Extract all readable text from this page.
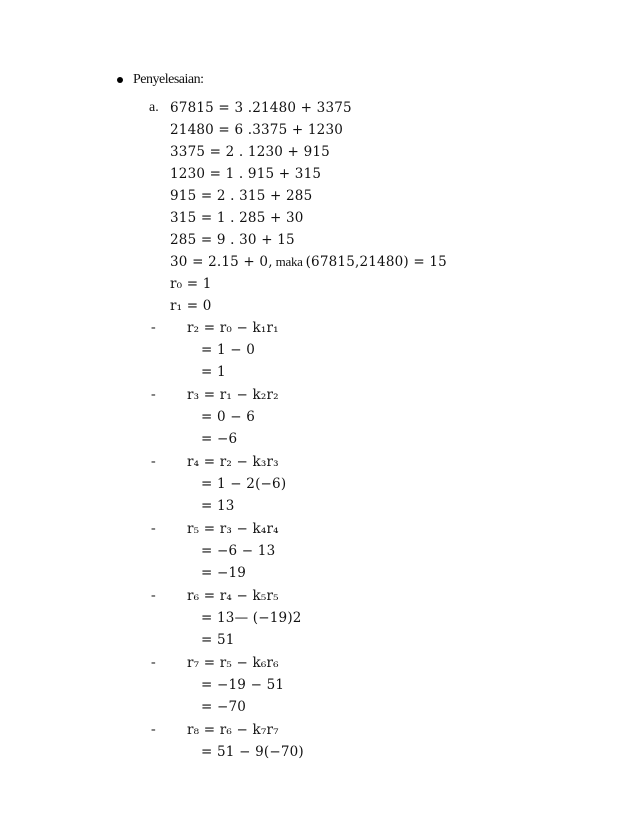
Penyelesaian:
a. 67815 = 3 .21480 + 3375
21480 = 6 .3375 + 1230
3375 = 2 . 1230 + 915
1230 = 1 . 915 + 315
915 = 2 . 315 + 285
315 = 1 . 285 + 30
285 = 9 . 30 + 15
30 = 2.15 + 0, maka (67815,21480) = 15
r₀ = 1
r₁ = 0
- r₂ = r₀ − k₁r₁
= 1 − 0
= 1
- r₃ = r₁ − k₂r₂
= 0 − 6
= −6
- r₄ = r₂ − k₃r₃
= 1 − 2(−6)
= 13
- r₅ = r₃ − k₄r₄
= −6 − 13
= −19
- r₆ = r₄ − k₅r₅
= 13— (−19)2
= 51
- r₇ = r₅ − k₆r₆
= −19 − 51
= −70
- r₈ = r₆ − k₇r₇
= 51 − 9(−70)
